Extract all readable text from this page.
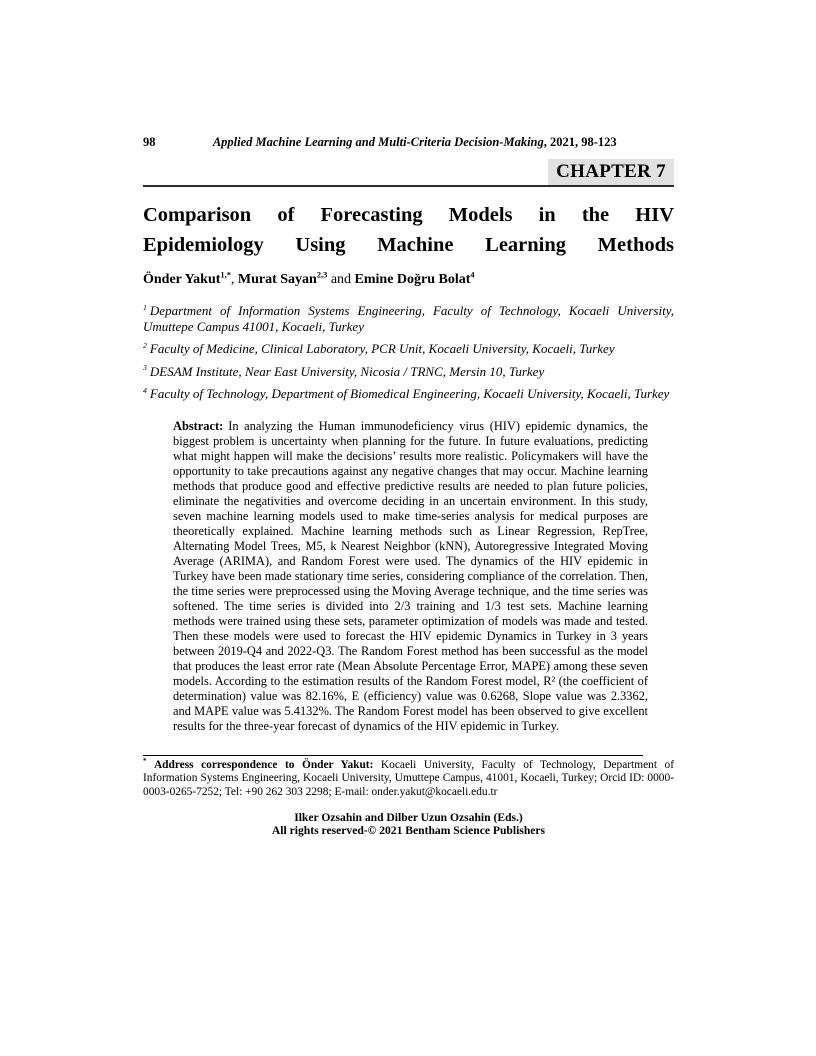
98	Applied Machine Learning and Multi-Criteria Decision-Making, 2021, 98-123
CHAPTER 7
Comparison of Forecasting Models in the HIV
Epidemiology Using Machine Learning Methods

Önder Yakut$^{1,*}$, Murat Sayan$^{2,3}$ and Emine Doğru Bolat$^4$

$^1$ Department of Information Systems Engineering, Faculty of Technology, Kocaeli University, Umuttepe Campus 41001, Kocaeli, Turkey

$^2$ Faculty of Medicine, Clinical Laboratory, PCR Unit, Kocaeli University, Kocaeli, Turkey

$^3$ DESAM Institute, Near East University, Nicosia / TRNC, Mersin 10, Turkey

$^4$ Faculty of Technology, Department of Biomedical Engineering, Kocaeli University, Kocaeli, Turkey

Abstract: In analyzing the Human immunodeficiency virus (HIV) epidemic dynamics, the biggest problem is uncertainty when planning for the future. In future evaluations, predicting what might happen will make the decisions’ results more realistic. Policymakers will have the opportunity to take precautions against any negative changes that may occur. Machine learning methods that produce good and effective predictive results are needed to plan future policies, eliminate the negativities and overcome deciding in an uncertain environment. In this study, seven machine learning models used to make time-series analysis for medical purposes are theoretically explained. Machine learning methods such as Linear Regression, RepTree, Alternating Model Trees, M5, k Nearest Neighbor (kNN), Autoregressive Integrated Moving Average (ARIMA), and Random Forest were used. The dynamics of the HIV epidemic in Turkey have been made stationary time series, considering compliance of the correlation. Then, the time series were preprocessed using the Moving Average technique, and the time series was softened. The time series is divided into 2/3 training and 1/3 test sets. Machine learning methods were trained using these sets, parameter optimization of models was made and tested. Then these models were used to forecast the HIV epidemic Dynamics in Turkey in 3 years between 2019-Q4 and 2022-Q3. The Random Forest method has been successful as the model that produces the least error rate (Mean Absolute Percentage Error, MAPE) among these seven models. According to the estimation results of the Random Forest model, R² (the coefficient of determination) value was 82.16%, E (efficiency) value was 0.6268, Slope value was 2.3362, and MAPE value was 5.4132%. The Random Forest model has been observed to give excellent results for the three-year forecast of dynamics of the HIV epidemic in Turkey.

* Address correspondence to Önder Yakut: Kocaeli University, Faculty of Technology, Department of Information Systems Engineering, Kocaeli University, Umuttepe Campus, 41001, Kocaeli, Turkey; Orcid ID: 0000-0003-0265-7252; Tel: +90 262 303 2298; E-mail: onder.yakut@kocaeli.edu.tr

Ilker Ozsahin and Dilber Uzun Ozsahin (Eds.)
All rights reserved-© 2021 Bentham Science Publishers
